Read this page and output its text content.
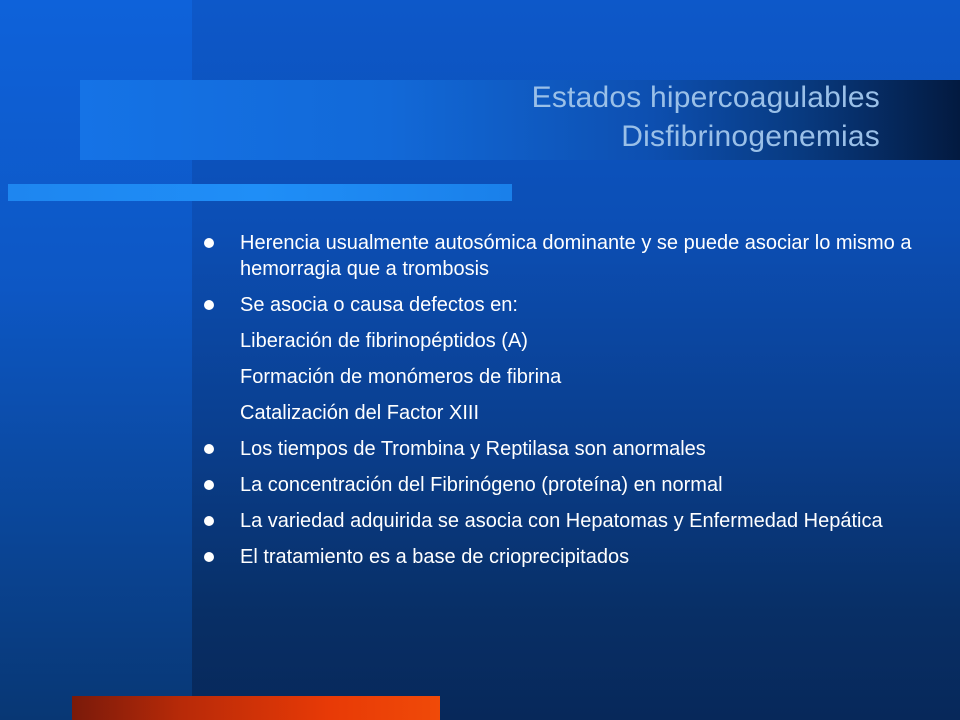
Estados hipercoagulables
Disfibrinogenemias
Herencia usualmente autosómica dominante y se puede asociar lo mismo a hemorragia que a trombosis
Se asocia o causa defectos en:
Liberación de fibrinopéptidos (A)
Formación de monómeros de fibrina
Catalización del Factor XIII
Los tiempos de Trombina y Reptilasa son anormales
La concentración del Fibrinógeno (proteína) en normal
La variedad adquirida se asocia con Hepatomas y Enfermedad Hepática
El tratamiento es a base de crioprecipitados
